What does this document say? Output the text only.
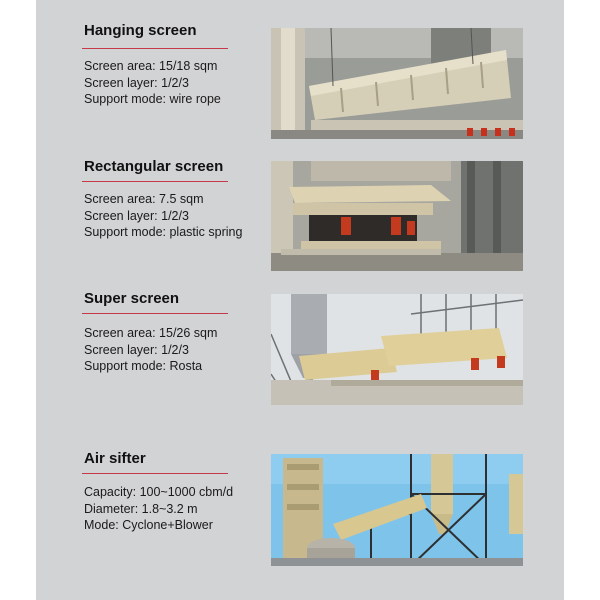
Hanging screen
Screen area: 15/18 sqm
Screen layer: 1/2/3
Support mode: wire rope
Rectangular screen
Screen area: 7.5 sqm
Screen layer: 1/2/3
Support mode: plastic spring
Super screen
Screen area: 15/26 sqm
Screen layer: 1/2/3
Support mode: Rosta
Air sifter
Capacity: 100~1000 cbm/d
Diameter: 1.8~3.2 m
Mode: Cyclone+Blower
